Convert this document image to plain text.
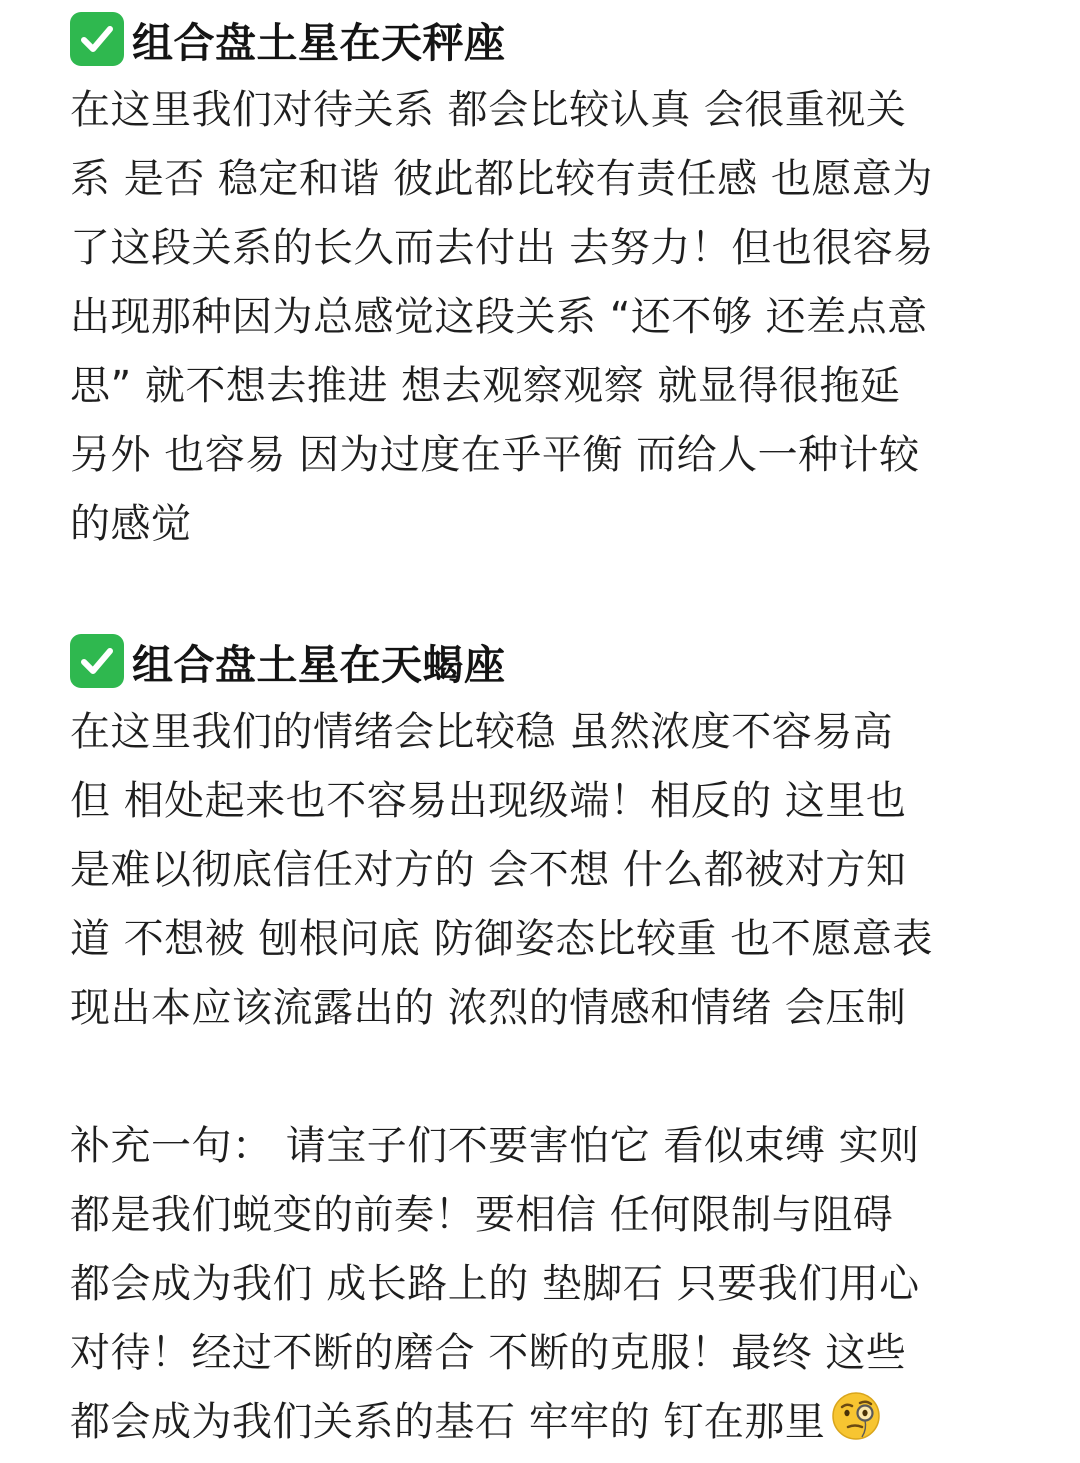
组合盘土星在天秤座
在这里我们对待关系 都会比较认真 会很重视关
系 是否 稳定和谐 彼此都比较有责任感 也愿意为
了这段关系的长久而去付出 去努力！但也很容易
出现那种因为总感觉这段关系 “还不够 还差点意
思” 就不想去推进 想去观察观察 就显得很拖延
另外 也容易 因为过度在乎平衡 而给人一种计较
的感觉
组合盘土星在天蝎座
在这里我们的情绪会比较稳 虽然浓度不容易高
但 相处起来也不容易出现级端！相反的 这里也
是难以彻底信任对方的 会不想 什么都被对方知
道 不想被 刨根问底 防御姿态比较重 也不愿意表
现出本应该流露出的 浓烈的情感和情绪 会压制
补充一句： 请宝子们不要害怕它 看似束缚 实则
都是我们蜕变的前奏！要相信 任何限制与阻碍
都会成为我们 成长路上的 垫脚石 只要我们用心
对待！经过不断的磨合 不断的克服！最终 这些
都会成为我们关系的基石 牢牢的 钉在那里
